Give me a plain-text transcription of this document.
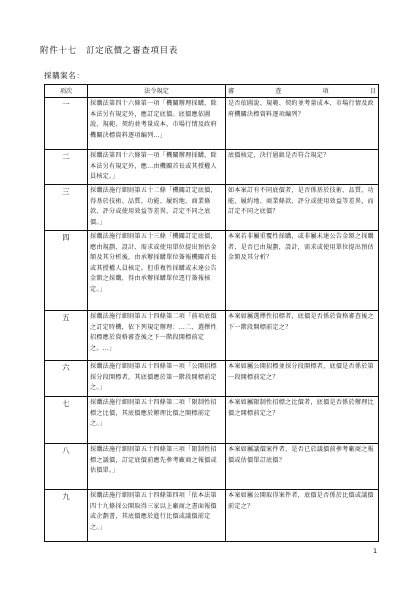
附件十七　訂定底價之審查項目表
採購案名：
項次	法令規定	審 查 項 目

一	採購法第四十六條第一項「機關辦理採購，除本法另有規定外，應訂定底價。底價應依圖說、規範、契約並考量成本、市場行情及政府機關決標資料逐項編列…」	是否依圖說、規範、契約並考量成本、市場行情及政府機關決標資料逐項編列？
二	採購法第四十六條第一項「機關辦理採購，除本法另有規定外，應…由機關首長或其授權人員核定。」	底價核定，決行層級是否符合規定？
三	採購法施行細則第五十二條「機關訂定底價，得基於技術、品質、功能、履約地、商業條款、評分或使用效益等差異，訂定不同之底價。」	如本案訂有不同底價者，是否係基於技術、品質、功能、履約地、商業條款、評分或使用效益等差異，而訂定不同之底價？
四	採購法施行細則第五十三條「機關訂定底價，應由規劃、設計、需求或使用單位提出預估金額及其分析後，由承辦採購單位簽報機關首長或其授權人員核定。但重複性採購或未達公告金額之採購，得由承辦採購單位逕行簽報核定。」	本案若非屬重覆性採購，或非屬未達公告金額之採購者，是否已由規劃，設計，需求或使用單位提出預估金額及其分析？
五	採購法施行細則第五十四條第二項「前項底價之訂定時機，依下列規定辦理：…二、選擇性招標應於資格審查後之下一階段開標前定之。…」	本案如屬選擇性招標者，底價是否係於資格審查後之下一階段開標前定之？
六	採購法施行細則第五十四條第一項「公開招標採分段開標者，其底價應於第一階段開標前定之。」	本案如屬公開招標並採分段開標者，底價是否係於第一段開標前定之？
七	採購法施行細則第五十四條第二項「限制性招標之比價，其底價應於辦理比價之開標前定之。」	本案如屬限制性招標之比價者，底價是否係於辦理比價之開標前定之？
八	採購法施行細則第五十四條第三項「限制性招標之議價，訂定底價前應先參考廠商之報價或估價單。」	本案如屬議價案件者，是否已於議價前參考廠商之報價或估價單訂底價？
九	採購法施行細則第五十四條第四項「依本法第四十九條採公開取得三家以上廠商之書面報價或企劃書，其底價應於進行比價或議價前定之。」	本案如屬公開取得案件者，底價是否係於比價或議價前定之？
1
